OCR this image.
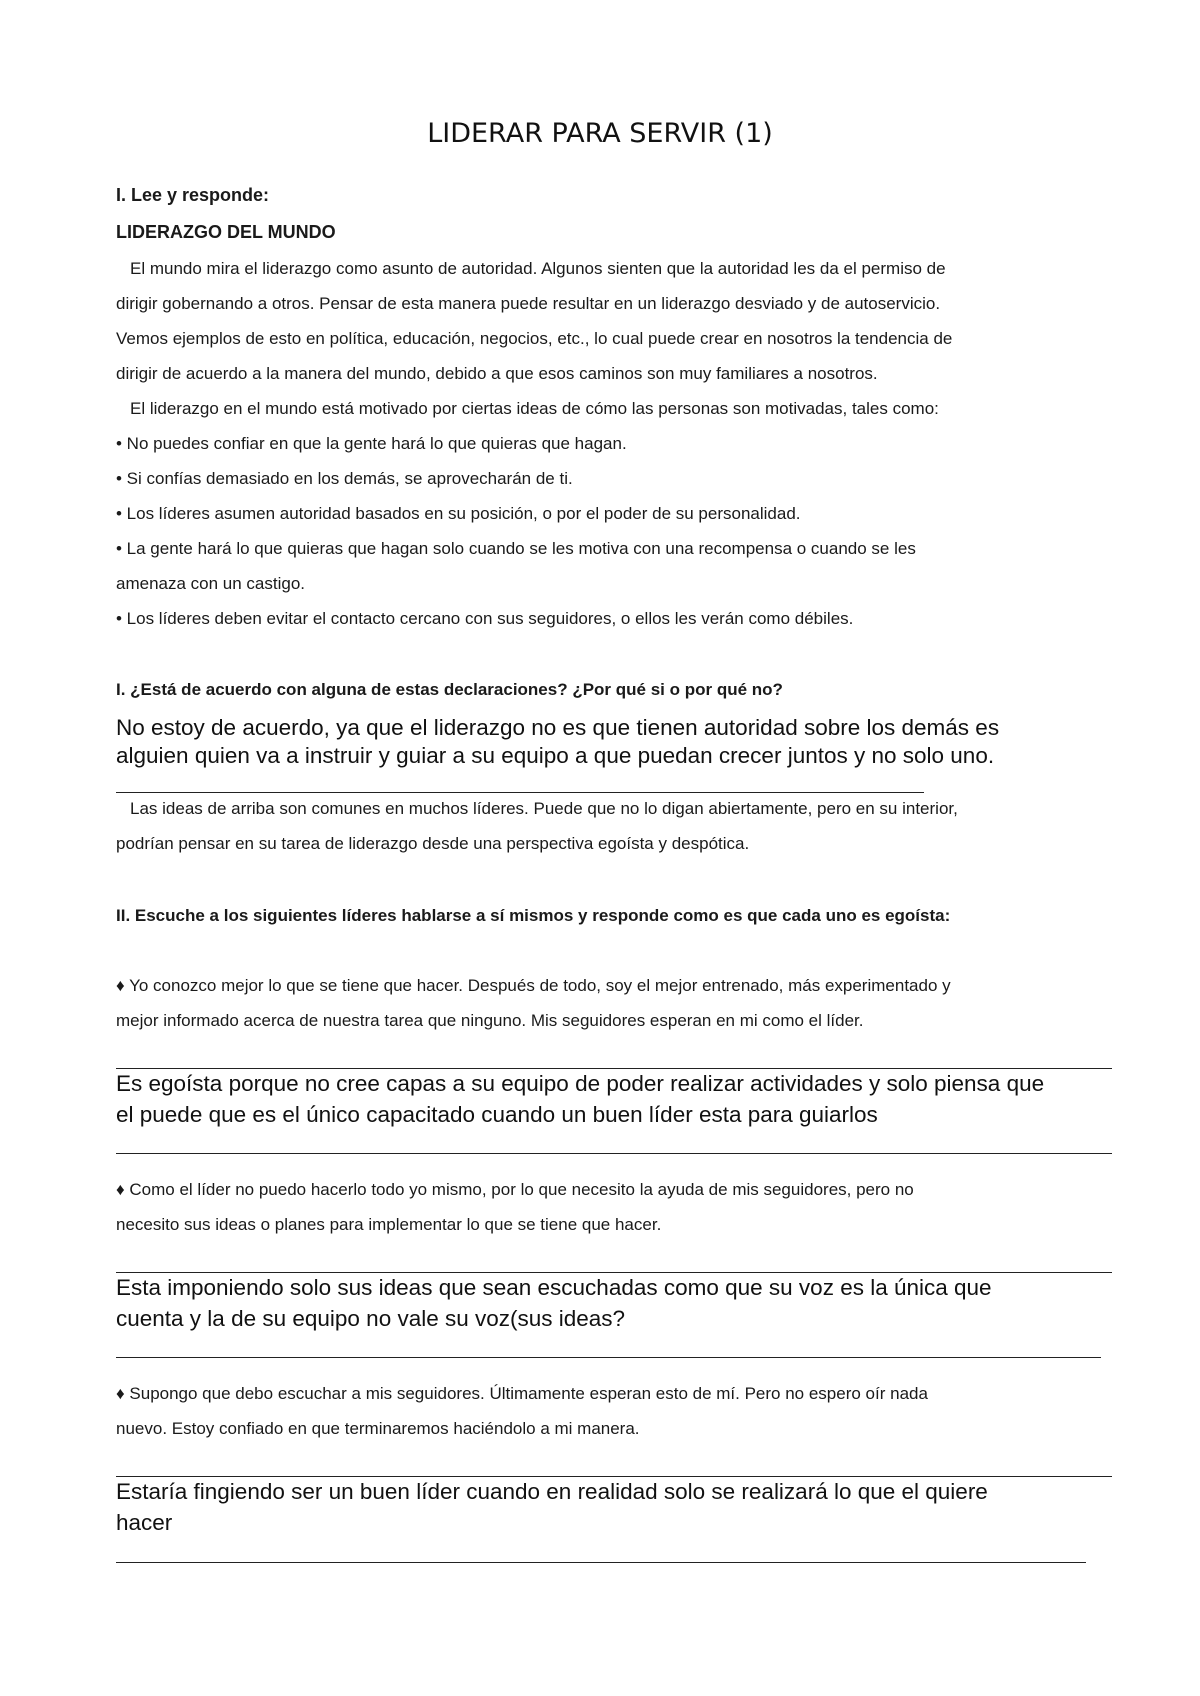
LIDERAR PARA SERVIR (1)
I. Lee y responde:
LIDERAZGO DEL MUNDO
El mundo mira el liderazgo como asunto de autoridad. Algunos sienten que la autoridad les da el permiso de
dirigir gobernando a otros. Pensar de esta manera puede resultar en un liderazgo desviado y de autoservicio.
Vemos ejemplos de esto en política, educación, negocios, etc., lo cual puede crear en nosotros la tendencia de
dirigir de acuerdo a la manera del mundo, debido a que esos caminos son muy familiares a nosotros.
El liderazgo en el mundo está motivado por ciertas ideas de cómo las personas son motivadas, tales como:
• No puedes confiar en que la gente hará lo que quieras que hagan.
• Si confías demasiado en los demás, se aprovecharán de ti.
• Los líderes asumen autoridad basados en su posición, o por el poder de su personalidad.
• La gente hará lo que quieras que hagan solo cuando se les motiva con una recompensa o cuando se les
amenaza con un castigo.
• Los líderes deben evitar el contacto cercano con sus seguidores, o ellos les verán como débiles.
I. ¿Está de acuerdo con alguna de estas declaraciones? ¿Por qué si o por qué no?
No estoy de acuerdo, ya que el liderazgo no es que tienen autoridad sobre los demás es
alguien quien va a instruir y guiar a su equipo a que puedan crecer juntos y no solo uno.
Las ideas de arriba son comunes en muchos líderes. Puede que no lo digan abiertamente, pero en su interior,
podrían pensar en su tarea de liderazgo desde una perspectiva egoísta y despótica.
II. Escuche a los siguientes líderes hablarse a sí mismos y responde como es que cada uno es egoísta:
♦ Yo conozco mejor lo que se tiene que hacer. Después de todo, soy el mejor entrenado, más experimentado y
mejor informado acerca de nuestra tarea que ninguno. Mis seguidores esperan en mi como el líder.
Es egoísta porque no cree capas a su equipo de poder realizar actividades y solo piensa que
el puede que es el único capacitado cuando un buen líder esta para guiarlos
♦ Como el líder no puedo hacerlo todo yo mismo, por lo que necesito la ayuda de mis seguidores, pero no
necesito sus ideas o planes para implementar lo que se tiene que hacer.
Esta imponiendo solo sus ideas que sean escuchadas como que su voz es la única que
cuenta y la de su equipo no vale su voz(sus ideas?
♦ Supongo que debo escuchar a mis seguidores. Últimamente esperan esto de mí. Pero no espero oír nada
nuevo. Estoy confiado en que terminaremos haciéndolo a mi manera.
Estaría fingiendo ser un buen líder cuando en realidad solo se realizará lo que el quiere
hacer
